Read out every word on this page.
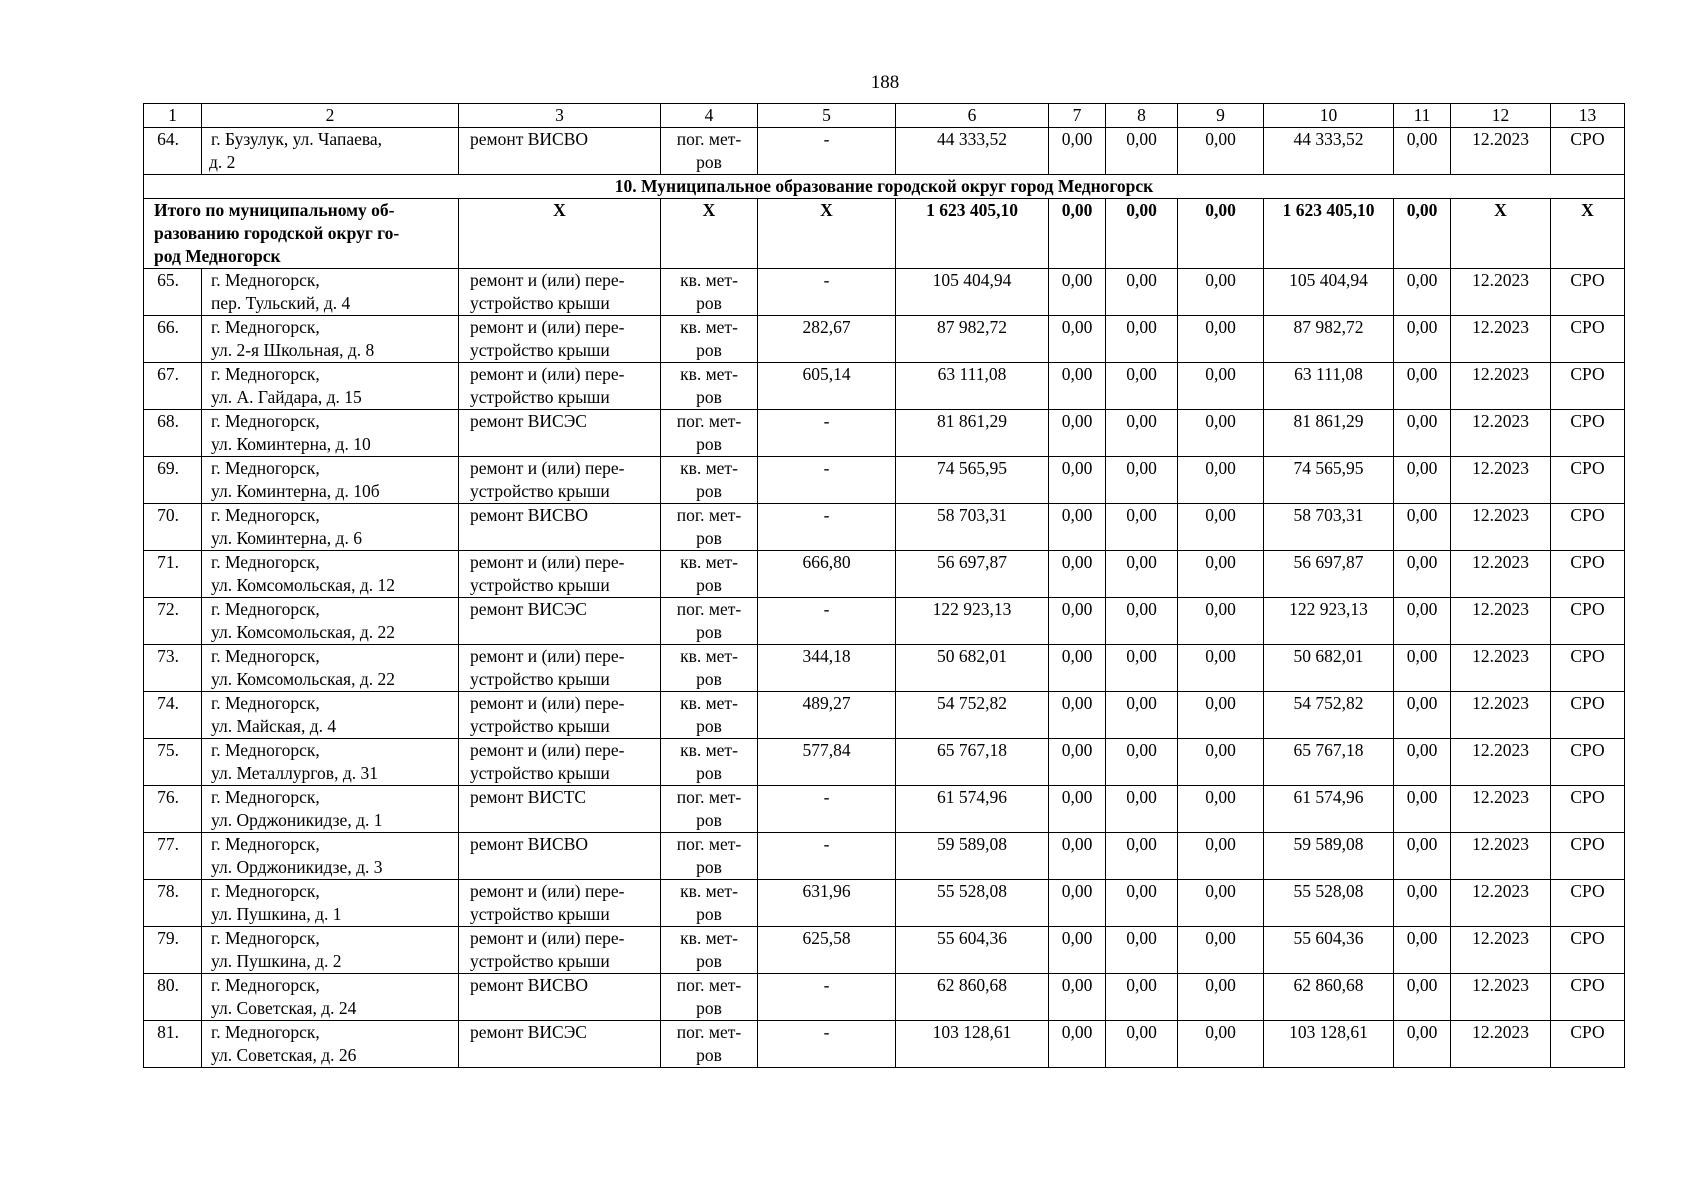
188
1	2	3	4	5	6	7	8	9	10	11	12	13
64.	г. Бузулук, ул. Чапаева,
д. 2	ремонт ВИСВО	пог. мет-
ров	-	44 333,52	0,00	0,00	0,00	44 333,52	0,00	12.2023	СРО
10. Муниципальное образование городской округ город Медногорск												

Итого по муниципальному об-
разованию городской округ го-
род Медногорск		X	X	X	1 623 405,10	0,00	0,00	0,00	1 623 405,10	0,00	X	X
65.	г. Медногорск,
пер. Тульский, д. 4	ремонт и (или) пере-
устройство крыши	кв. мет-
ров	-	105 404,94	0,00	0,00	0,00	105 404,94	0,00	12.2023	СРО
66.	г. Медногорск,
ул. 2-я Школьная, д. 8	ремонт и (или) пере-
устройство крыши	кв. мет-
ров	282,67	87 982,72	0,00	0,00	0,00	87 982,72	0,00	12.2023	СРО
67.	г. Медногорск,
ул. А. Гайдара, д. 15	ремонт и (или) пере-
устройство крыши	кв. мет-
ров	605,14	63 111,08	0,00	0,00	0,00	63 111,08	0,00	12.2023	СРО
68.	г. Медногорск,
ул. Коминтерна, д. 10	ремонт ВИСЭС	пог. мет-
ров	-	81 861,29	0,00	0,00	0,00	81 861,29	0,00	12.2023	СРО
69.	г. Медногорск,
ул. Коминтерна, д. 10б	ремонт и (или) пере-
устройство крыши	кв. мет-
ров	-	74 565,95	0,00	0,00	0,00	74 565,95	0,00	12.2023	СРО
70.	г. Медногорск,
ул. Коминтерна, д. 6	ремонт ВИСВО	пог. мет-
ров	-	58 703,31	0,00	0,00	0,00	58 703,31	0,00	12.2023	СРО
71.	г. Медногорск,
ул. Комсомольская, д. 12	ремонт и (или) пере-
устройство крыши	кв. мет-
ров	666,80	56 697,87	0,00	0,00	0,00	56 697,87	0,00	12.2023	СРО
72.	г. Медногорск,
ул. Комсомольская, д. 22	ремонт ВИСЭС	пог. мет-
ров	-	122 923,13	0,00	0,00	0,00	122 923,13	0,00	12.2023	СРО
73.	г. Медногорск,
ул. Комсомольская, д. 22	ремонт и (или) пере-
устройство крыши	кв. мет-
ров	344,18	50 682,01	0,00	0,00	0,00	50 682,01	0,00	12.2023	СРО
74.	г. Медногорск,
ул. Майская, д. 4	ремонт и (или) пере-
устройство крыши	кв. мет-
ров	489,27	54 752,82	0,00	0,00	0,00	54 752,82	0,00	12.2023	СРО
75.	г. Медногорск,
ул. Металлургов, д. 31	ремонт и (или) пере-
устройство крыши	кв. мет-
ров	577,84	65 767,18	0,00	0,00	0,00	65 767,18	0,00	12.2023	СРО
76.	г. Медногорск,
ул. Орджоникидзе, д. 1	ремонт ВИСТС	пог. мет-
ров	-	61 574,96	0,00	0,00	0,00	61 574,96	0,00	12.2023	СРО
77.	г. Медногорск,
ул. Орджоникидзе, д. 3	ремонт ВИСВО	пог. мет-
ров	-	59 589,08	0,00	0,00	0,00	59 589,08	0,00	12.2023	СРО
78.	г. Медногорск,
ул. Пушкина, д. 1	ремонт и (или) пере-
устройство крыши	кв. мет-
ров	631,96	55 528,08	0,00	0,00	0,00	55 528,08	0,00	12.2023	СРО
79.	г. Медногорск,
ул. Пушкина, д. 2	ремонт и (или) пере-
устройство крыши	кв. мет-
ров	625,58	55 604,36	0,00	0,00	0,00	55 604,36	0,00	12.2023	СРО
80.	г. Медногорск,
ул. Советская, д. 24	ремонт ВИСВО	пог. мет-
ров	-	62 860,68	0,00	0,00	0,00	62 860,68	0,00	12.2023	СРО
81.	г. Медногорск,
ул. Советская, д. 26	ремонт ВИСЭС	пог. мет-
ров	-	103 128,61	0,00	0,00	0,00	103 128,61	0,00	12.2023	СРО
